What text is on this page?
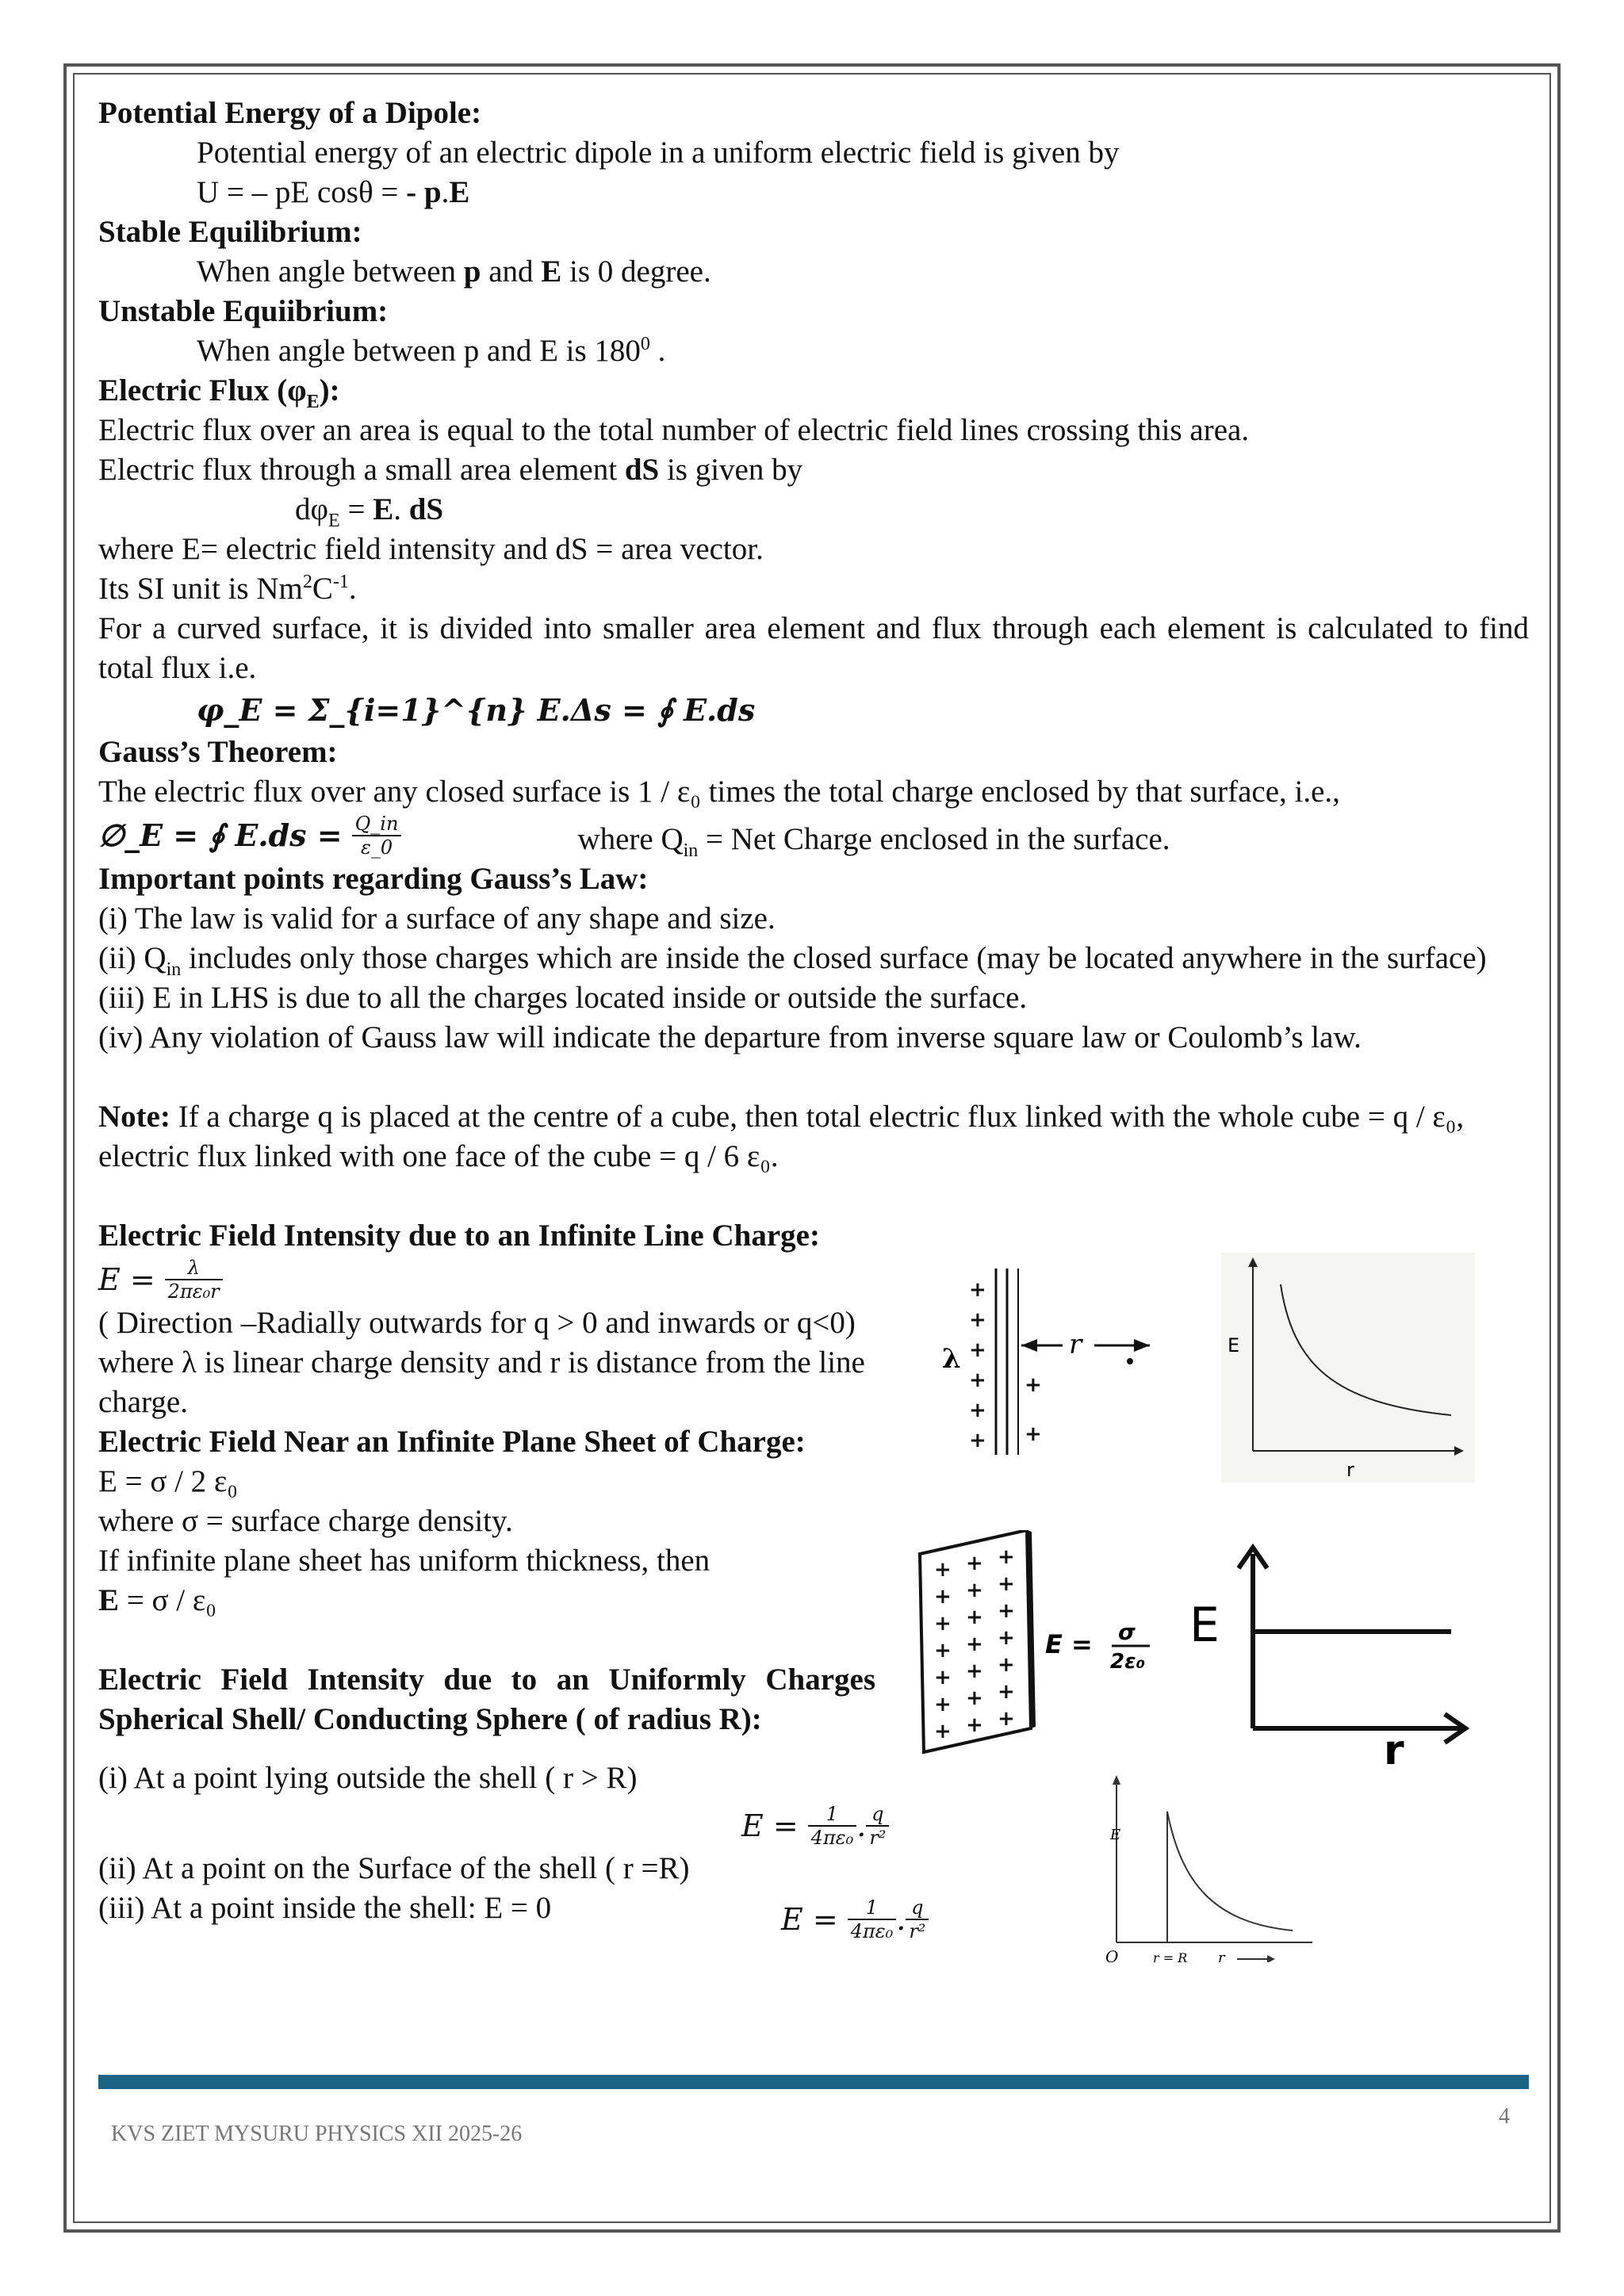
Potential Energy of a Dipole:

Potential energy of an electric dipole in a uniform electric field is given by

U = – pE cosθ = - p.E

Stable Equilibrium:

When angle between p and E is 0 degree.

Unstable Equiibrium:

When angle between p and E is $180^0$ .

Electric Flux $(\varphi_E)$:

Electric flux over an area is equal to the total number of electric field lines crossing this area.

Electric flux through a small area element dS is given by

$d\varphi_E = E$. dS

where E= electric field intensity and dS = area vector.

Its SI unit is $Nm^2C^{-1}$.

For a curved surface, it is divided into smaller area element and flux through each element is calculated to find total flux i.e.

φ_E = Σ_{i=1}^{n} E.Δs = ∮ E.ds

Gauss’s Theorem:

The electric flux over any closed surface is 1 / ε₀ times the total charge enclosed by that surface, i.e.,

∅_E = ∮ $E.ds = \frac{Q\_in}{\varepsilon\_0}$	where $Q_{in}$ = Net Charge enclosed in the surface.

Important points regarding Gauss’s Law:

(i) The law is valid for a surface of any shape and size.

(ii) $Q_{in}$ includes only those charges which are inside the closed surface (may be located anywhere in the surface)

(iii) E in LHS is due to all the charges located inside or outside the surface.

(iv) Any violation of Gauss law will indicate the departure from inverse square law or Coulomb’s law.

Note: If a charge q is placed at the centre of a cube, then total electric flux linked with the whole cube = q / ε₀, electric flux linked with one face of the cube = q / 6 ε₀.

Electric Field Intensity due to an Infinite Line Charge:

$E = \frac{\lambda}{\text{2πε₀r}}$

( Direction –Radially outwards for q > 0 and inwards or q<0)

where λ is linear charge density and r is distance from the line charge.

Electric Field Near an Infinite Plane Sheet of Charge:

E = σ / 2 ε₀

where σ = surface charge density.

If infinite plane sheet has uniform thickness, then

E = σ / ε₀

Electric Field Intensity due to an Uniformly Charges Spherical Shell/ Conducting Sphere ( of radius R):

(i) At a point lying outside the shell ( r > R)

(ii) At a point on the Surface of the shell ( r =R)

(iii) At a point inside the shell: E = 0

$E = \frac{1}{\text{4πε₀}}$ . $\frac{q}{\text{r²}}$
$E = \frac{1}{\text{4πε₀}}$ . $\frac{q}{\text{r²}}$
+
+
+
+
+
+
+
+
λ	r	E
r
+ + +
+ + +
+ + +
+ + +
+ + +
+ + +
+ + +
E = σ
2ε₀
E
r
E
O	r = R r
KVS ZIET MYSURU PHYSICS XII 2025-26
4
